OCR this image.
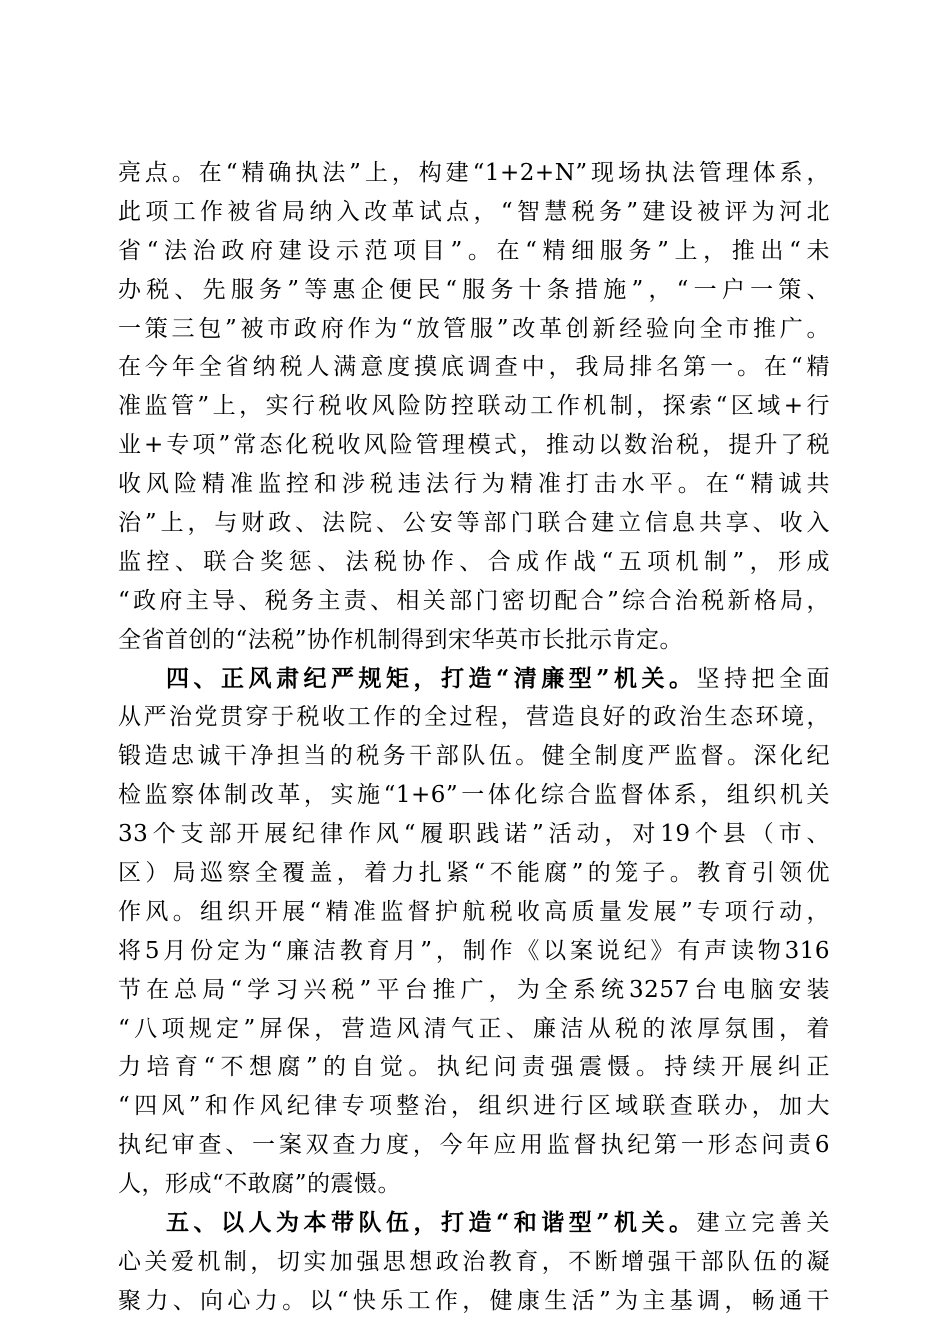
亮点。在“精确执法”上，构建“1+2+N”现场执法管理体系，
此项工作被省局纳入改革试点，“智慧税务”建设被评为河北
省“法治政府建设示范项目”。在“精细服务”上，推出“未
办税、先服务”等惠企便民“服务十条措施”，“一户一策、
一策三包”被市政府作为“放管服”改革创新经验向全市推广。
在今年全省纳税人满意度摸底调查中，我局排名第一。在“精
准监管”上，实行税收风险防控联动工作机制，探索“区域+行
业+专项”常态化税收风险管理模式，推动以数治税，提升了税
收风险精准监控和涉税违法行为精准打击水平。在“精诚共
治”上，与财政、法院、公安等部门联合建立信息共享、收入
监控、联合奖惩、法税协作、合成作战“五项机制”，形成
“政府主导、税务主责、相关部门密切配合”综合治税新格局，
全省首创的“法税”协作机制得到宋华英市长批示肯定。
四、正风肃纪严规矩，打造“清廉型”机关。坚持把全面
从严治党贯穿于税收工作的全过程，营造良好的政治生态环境，
锻造忠诚干净担当的税务干部队伍。健全制度严监督。深化纪
检监察体制改革，实施“1+6”一体化综合监督体系，组织机关
33个支部开展纪律作风“履职践诺”活动，对19个县（市、
区）局巡察全覆盖，着力扎紧“不能腐”的笼子。教育引领优
作风。组织开展“精准监督护航税收高质量发展”专项行动，
将5月份定为“廉洁教育月”，制作《以案说纪》有声读物316
节在总局“学习兴税”平台推广，为全系统3257台电脑安装
“八项规定”屏保，营造风清气正、廉洁从税的浓厚氛围，着
力培育“不想腐”的自觉。执纪问责强震慑。持续开展纠正
“四风”和作风纪律专项整治，组织进行区域联查联办，加大
执纪审查、一案双查力度，今年应用监督执纪第一形态问责6
人，形成“不敢腐”的震慑。
五、以人为本带队伍，打造“和谐型”机关。建立完善关
心关爱机制，切实加强思想政治教育，不断增强干部队伍的凝
聚力、向心力。以“快乐工作，健康生活”为主基调，畅通干
